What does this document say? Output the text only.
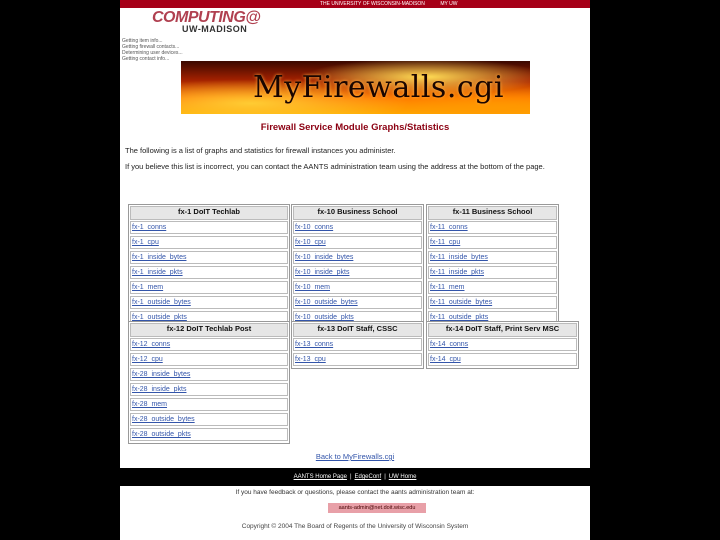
THE UNIVERSITY OF WISCONSIN-MADISON	MY UW
COMPUTING@
UW-MADISON
Getting item info...
Getting firewall contacts...
Determining user devices...
Getting contact info...
MyFirewalls.cgi
Firewall Service Module Graphs/Statistics
The following is a list of graphs and statistics for firewall instances you administer.
If you believe this list is incorrect, you can contact the AANTS administration team using the address at the bottom of the page.
fx-1 DoIT Techlab
fx-1_conns
fx-1_cpu
fx-1_inside_bytes
fx-1_inside_pkts
fx-1_mem
fx-1_outside_bytes
fx-1_outside_pkts
fx-10 Business School
fx-10_conns
fx-10_cpu
fx-10_inside_bytes
fx-10_inside_pkts
fx-10_mem
fx-10_outside_bytes
fx-10_outside_pkts
fx-11 Business School
fx-11_conns
fx-11_cpu
fx-11_inside_bytes
fx-11_inside_pkts
fx-11_mem
fx-11_outside_bytes
fx-11_outside_pkts
fx-12 DoIT Techlab Post
fx-12_conns
fx-12_cpu
fx-28_inside_bytes
fx-28_inside_pkts
fx-28_mem
fx-28_outside_bytes
fx-28_outside_pkts
fx-13 DoIT Staff, CSSC
fx-13_conns
fx-13_cpu
fx-14 DoIT Staff, Print Serv MSC
fx-14_conns
fx-14_cpu
Back to MyFirewalls.cgi
AANTS Home Page | EdgeConf | UW Home
If you have feedback or questions, please contact the aants administration team at:
aants-admin@net.doit.wisc.edu
Copyright © 2004 The Board of Regents of the University of Wisconsin System
